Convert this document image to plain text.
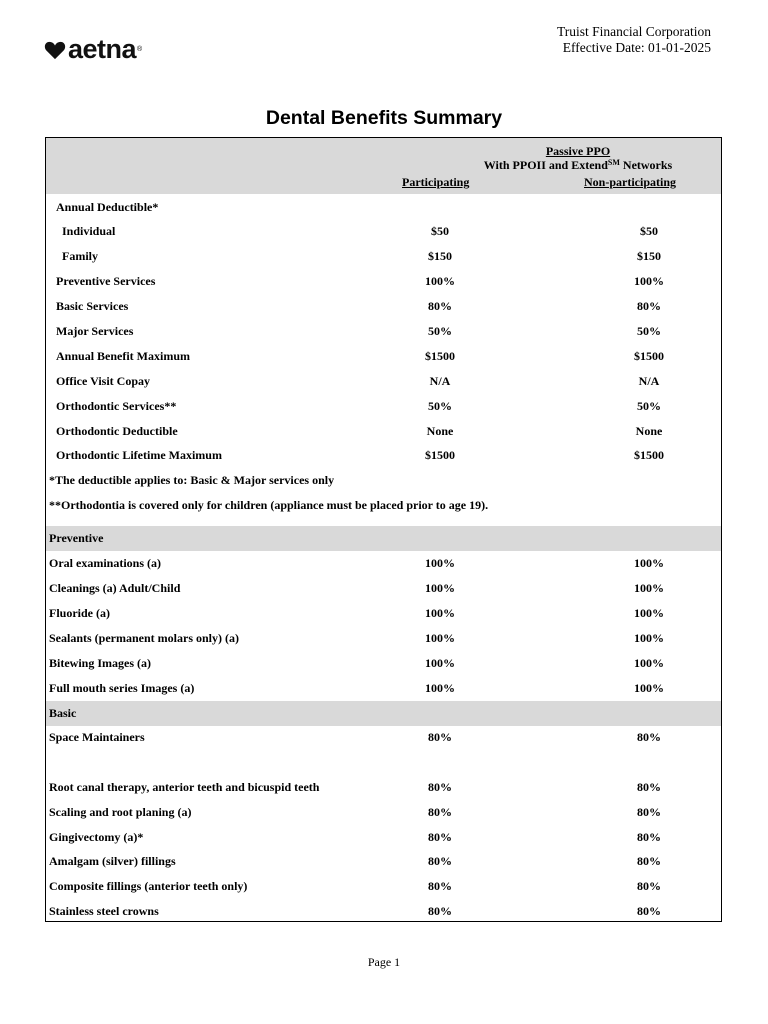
aetna ®
Truist Financial Corporation
Effective Date: 01-01-2025
Dental Benefits Summary
Passive PPO
With PPOII and Extend℠ Networks
Participating	Non-participating
Annual Deductible*
Individual	$50	$50
Family	$150	$150
Preventive Services	100%	100%
Basic Services	80%	80%
Major Services	50%	50%
Annual Benefit Maximum	$1500	$1500
Office Visit Copay	N/A	N/A
Orthodontic Services**	50%	50%
Orthodontic Deductible	None	None
Orthodontic Lifetime Maximum	$1500	$1500
*The deductible applies to: Basic & Major services only
**Orthodontia is covered only for children (appliance must be placed prior to age 19).
Preventive
Oral examinations (a)	100%	100%
Cleanings (a) Adult/Child	100%	100%
Fluoride (a)	100%	100%
Sealants (permanent molars only) (a)	100%	100%
Bitewing Images (a)	100%	100%
Full mouth series Images (a)	100%	100%
Basic
Space Maintainers	80%	80%
Root canal therapy, anterior teeth and bicuspid teeth	80%	80%
Scaling and root planing (a)	80%	80%
Gingivectomy (a)*	80%	80%
Amalgam (silver) fillings	80%	80%
Composite fillings (anterior teeth only)	80%	80%
Stainless steel crowns	80%	80%
Page 1
